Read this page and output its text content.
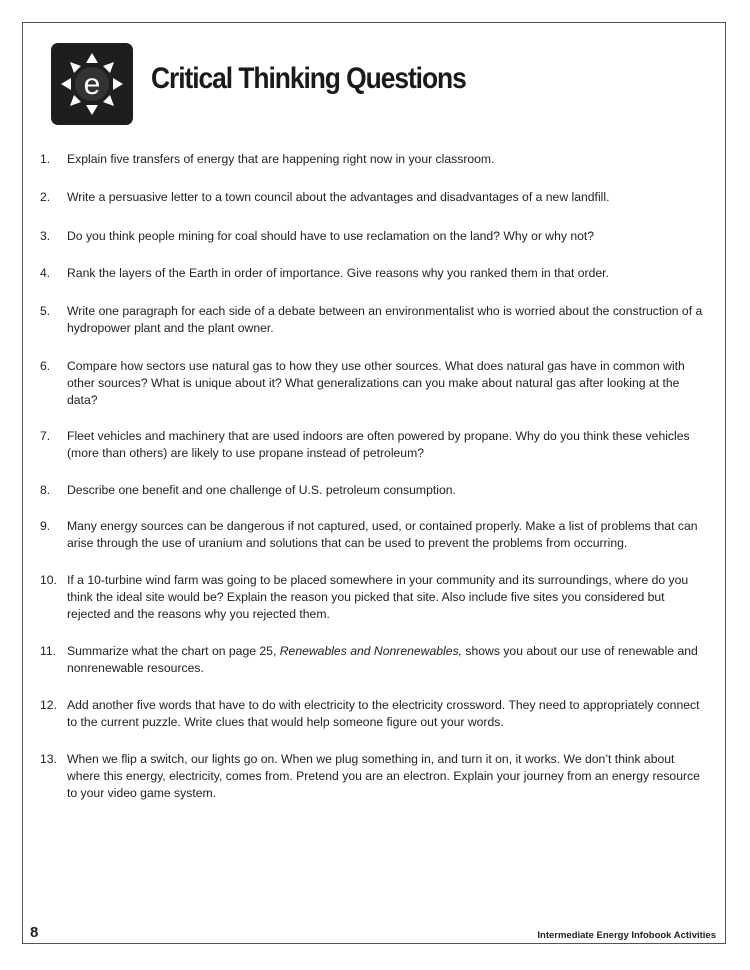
e Critical Thinking Questions
1.	Explain five transfers of energy that are happening right now in your classroom.
2.	Write a persuasive letter to a town council about the advantages and disadvantages of a new landfill.
3.	Do you think people mining for coal should have to use reclamation on the land? Why or why not?
4.	Rank the layers of the Earth in order of importance. Give reasons why you ranked them in that order.
5.	Write one paragraph for each side of a debate between an environmentalist who is worried about the construction of a hydropower plant and the plant owner.
6.	Compare how sectors use natural gas to how they use other sources. What does natural gas have in common with other sources? What is unique about it? What generalizations can you make about natural gas after looking at the data?
7.	Fleet vehicles and machinery that are used indoors are often powered by propane. Why do you think these vehicles (more than others) are likely to use propane instead of petroleum?
8.	Describe one benefit and one challenge of U.S. petroleum consumption.
9.	Many energy sources can be dangerous if not captured, used, or contained properly. Make a list of problems that can arise through the use of uranium and solutions that can be used to prevent the problems from occurring.
10. If a 10-turbine wind farm was going to be placed somewhere in your community and its surroundings, where do you think the ideal site would be? Explain the reason you picked that site. Also include five sites you considered but rejected and the reasons why you rejected them.
11. Summarize what the chart on page 25, Renewables and Nonrenewables, shows you about our use of renewable and nonrenewable resources.
12. Add another five words that have to do with electricity to the electricity crossword. They need to appropriately connect to the current puzzle. Write clues that would help someone figure out your words.
13. When we flip a switch, our lights go on. When we plug something in, and turn it on, it works. We don’t think about where this energy, electricity, comes from. Pretend you are an electron. Explain your journey from an energy resource to your video game system.
8	Intermediate Energy Infobook Activities
